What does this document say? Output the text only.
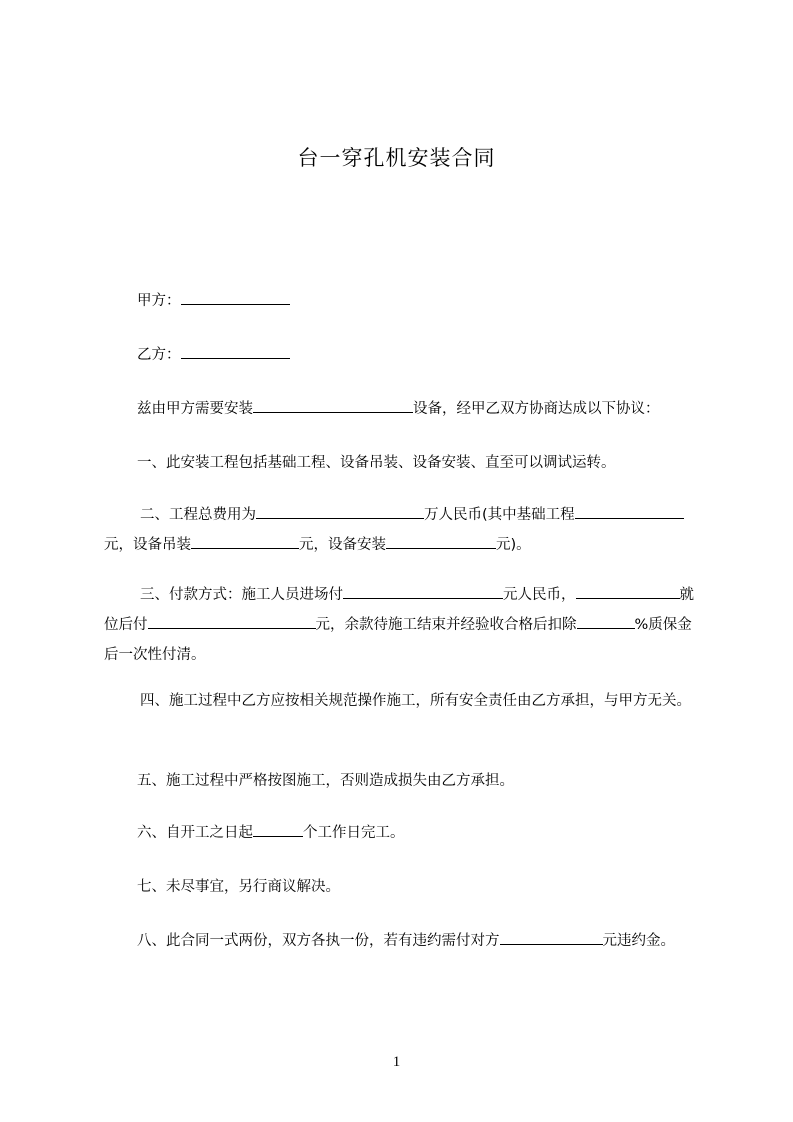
台一穿孔机安装合同

甲方：

乙方：

兹由甲方需要安装	设备，经甲乙双方协商达成以下协议：

一、此安装工程包括基础工程、设备吊装、设备安装、直至可以调试运转。

二、工程总费用为	万人民币(其中基础工程元，设备吊装	元，设备安装	元)。

三、付款方式：施工人员进场付	元人民币，	就位后付	元，余款待施工结束并经验收合格后扣除	%质保金后一次性付清。

四、施工过程中乙方应按相关规范操作施工，所有安全责任由乙方承担，与甲方无关。

五、施工过程中严格按图施工，否则造成损失由乙方承担。

六、自开工之日起	个工作日完工。

七、未尽事宜，另行商议解决。

八、此合同一式两份，双方各执一份，若有违约需付对方	元违约金。

1
